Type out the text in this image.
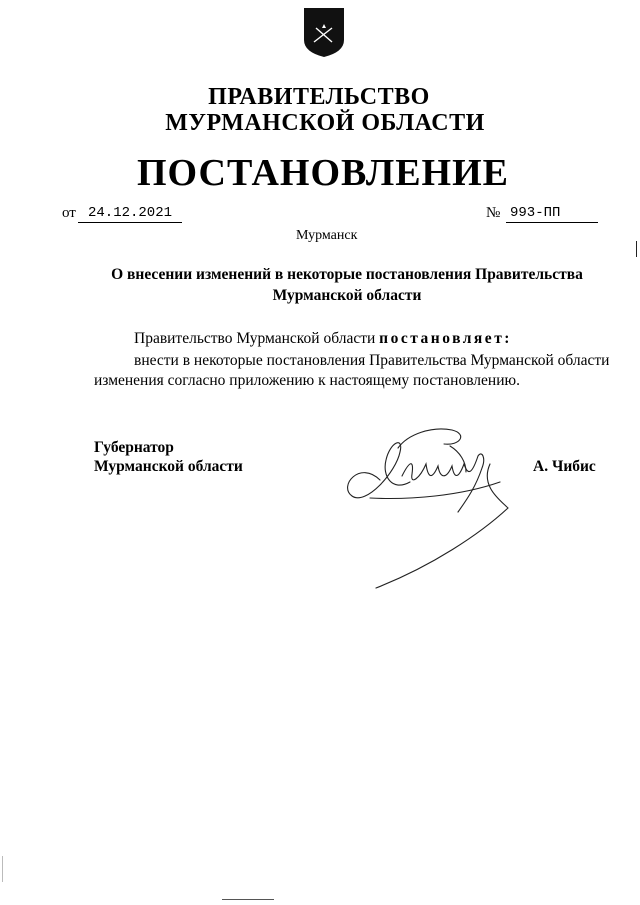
ПРАВИТЕЛЬСТВО
МУРМАНСКОЙ ОБЛАСТИ
ПОСТАНОВЛЕНИЕ
от 24.12.2021	№ 993-ПП
Мурманск
О внесении изменений в некоторые постановления Правительства
Мурманской области
Правительство Мурманской области постановляет:
внести в некоторые постановления Правительства Мурманской области
изменения согласно приложению к настоящему постановлению.
Губернатор
Мурманской области	А. Чибис
